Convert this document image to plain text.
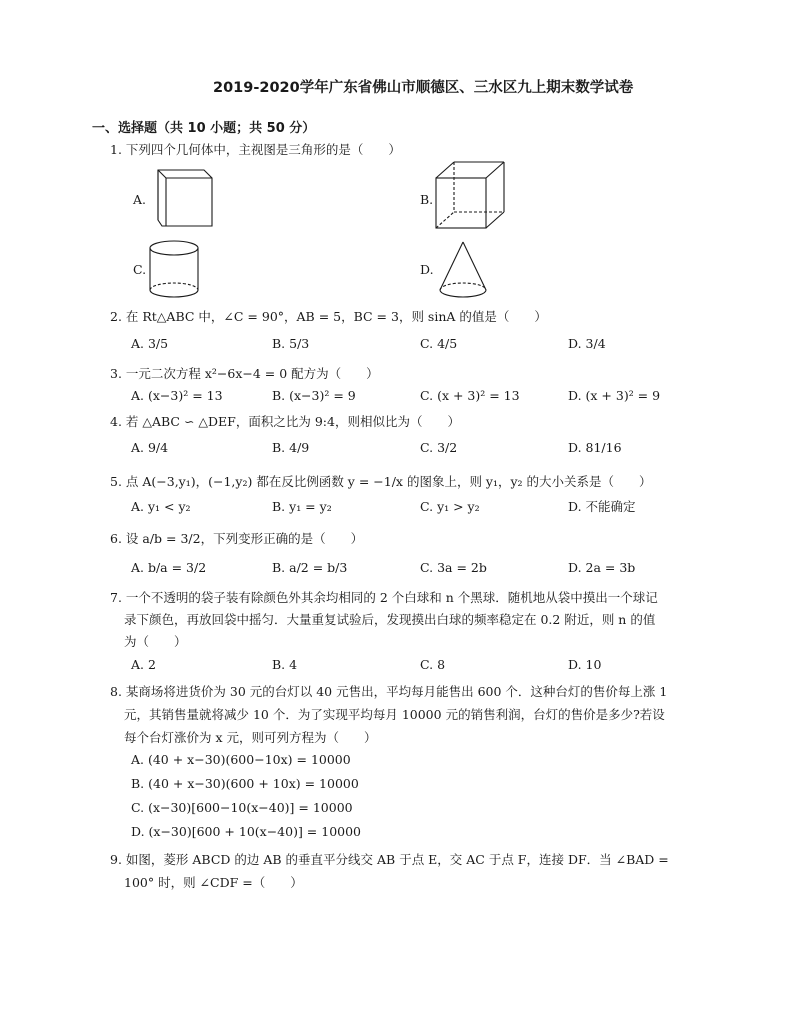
2019-2020学年广东省佛山市顺德区、三水区九上期末数学试卷
一、选择题（共 10 小题；共 50 分）
1. 下列四个几何体中，主视图是三角形的是（　　）
A.	B.
C.	D.
2. 在 Rt△ABC 中，∠C = 90°，AB = 5，BC = 3，则 sinA 的值是（　　）
A. 3/5	B. 5/3	C. 4/5	D. 3/4
3. 一元二次方程 x²−6x−4 = 0 配方为（　　）
A. (x−3)² = 13	B. (x−3)² = 9	C. (x + 3)² = 13	D. (x + 3)² = 9
4. 若 △ABC ∽ △DEF，面积之比为 9:4，则相似比为（　　）
A. 9/4	B. 4/9	C. 3/2	D. 81/16
5. 点 A(−3,y₁)，(−1,y₂) 都在反比例函数 y = −1/x 的图象上，则 y₁，y₂ 的大小关系是（　　）
A. y₁ < y₂	B. y₁ = y₂	C. y₁ > y₂	D. 不能确定
6. 设 a/b = 3/2，下列变形正确的是（　　）
A. b/a = 3/2	B. a/2 = b/3	C. 3a = 2b	D. 2a = 3b
7. 一个不透明的袋子装有除颜色外其余均相同的 2 个白球和 n 个黑球．随机地从袋中摸出一个球记
录下颜色，再放回袋中摇匀．大量重复试验后，发现摸出白球的频率稳定在 0.2 附近，则 n 的值
为（　　）
A. 2	B. 4	C. 8	D. 10
8. 某商场将进货价为 30 元的台灯以 40 元售出，平均每月能售出 600 个．这种台灯的售价每上涨 1
元，其销售量就将减少 10 个．为了实现平均每月 10000 元的销售利润，台灯的售价是多少?若设
每个台灯涨价为 x 元，则可列方程为（　　）
A. (40 + x−30)(600−10x) = 10000
B. (40 + x−30)(600 + 10x) = 10000
C. (x−30)[600−10(x−40)] = 10000
D. (x−30)[600 + 10(x−40)] = 10000
9. 如图，菱形 ABCD 的边 AB 的垂直平分线交 AB 于点 E，交 AC 于点 F，连接 DF．当 ∠BAD =
100° 时，则 ∠CDF =（　　）
